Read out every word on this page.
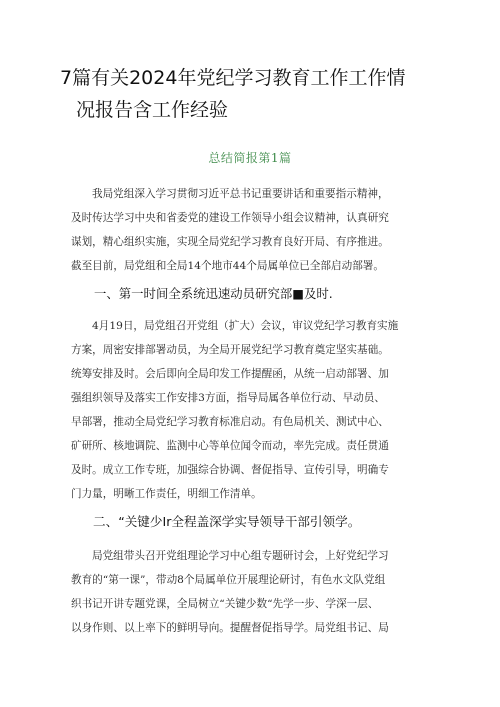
7篇有关2024年党纪学习教育工作工作情
况报告含工作经验
总结简报第1篇
我局党组深入学习贯彻习近平总书记重要讲话和重要指示精神，
及时传达学习中央和省委党的建设工作领导小组会议精神，认真研究
谋划，精心组织实施，实现全局党纪学习教育良好开局、有序推进。
截至目前，局党组和全局14个地市44个局属单位已全部启动部署。
一、第一时间全系统迅速动员研究部■及时.
4月19日，局党组召开党组（扩大）会议，审议党纪学习教育实施
方案，周密安排部署动员，为全局开展党纪学习教育奠定坚实基础。
统筹安排及时。会后即向全局印发工作提醒函，从统一启动部署、加
强组织领导及落实工作安排3方面，指导局属各单位行动、早动员、
早部署，推动全局党纪学习教育标准启动。有色局机关、测试中心、
矿研所、核地调院、监测中心等单位闻令而动，率先完成。责任贯通
及时。成立工作专班，加强综合协调、督促指导、宣传引导，明确专
门力量，明晰工作责任，明细工作清单。
二、“关键少Ir全程盖深学实导领导干部引领学。
局党组带头召开党组理论学习中心组专题研讨会，上好党纪学习
教育的“第一课”，带动8个局属单位开展理论研讨，有色水文队党组
织书记开讲专题党课，全局树立“关键少数“先学一步、学深一层、
以身作则、以上率下的鲜明导向。提醒督促指导学。局党组书记、局
